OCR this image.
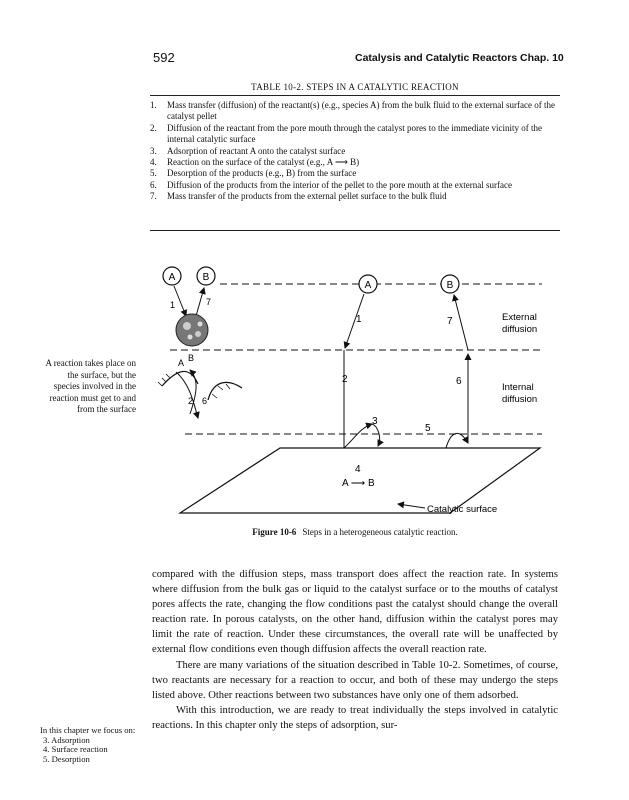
592	Catalysis and Catalytic Reactors Chap. 10
TABLE 10-2. STEPS IN A CATALYTIC REACTION
1.	Mass transfer (diffusion) of the reactant(s) (e.g., species A) from the bulk fluid to the external surface of the catalyst pellet
2.	Diffusion of the reactant from the pore mouth through the catalyst pores to the immediate vicinity of the internal catalytic surface
3.	Adsorption of reactant A onto the catalyst surface
4.	Reaction on the surface of the catalyst (e.g., A ⟶ B)
5.	Desorption of the products (e.g., B) from the surface
6.	Diffusion of the products from the interior of the pellet to the pore mouth at the external surface
7.	Mass transfer of the products from the external pellet surface to the bulk fluid
A reaction takes place on the surface, but the species involved in the reaction must get to and from the surface
A	B
1	7
A B
2 6
A	B
1	7
2	6
3
5
4
A ⟶ B
External
diffusion
Internal
diffusion
Catalytic surface
Figure 10-6 Steps in a heterogeneous catalytic reaction.

compared with the diffusion steps, mass transport does affect the reaction rate. In systems where diffusion from the bulk gas or liquid to the catalyst surface or to the mouths of catalyst pores affects the rate, changing the flow conditions past the catalyst should change the overall reaction rate. In porous catalysts, on the other hand, diffusion within the catalyst pores may limit the rate of reaction. Under these circumstances, the overall rate will be unaffected by external flow conditions even though diffusion affects the overall reaction rate.

There are many variations of the situation described in Table 10-2. Sometimes, of course, two reactants are necessary for a reaction to occur, and both of these may undergo the steps listed above. Other reactions between two substances have only one of them adsorbed.

With this introduction, we are ready to treat individually the steps involved in catalytic reactions. In this chapter only the steps of adsorption, sur-

In this chapter we focus on:
3. Adsorption
4. Surface reaction
5. Desorption
